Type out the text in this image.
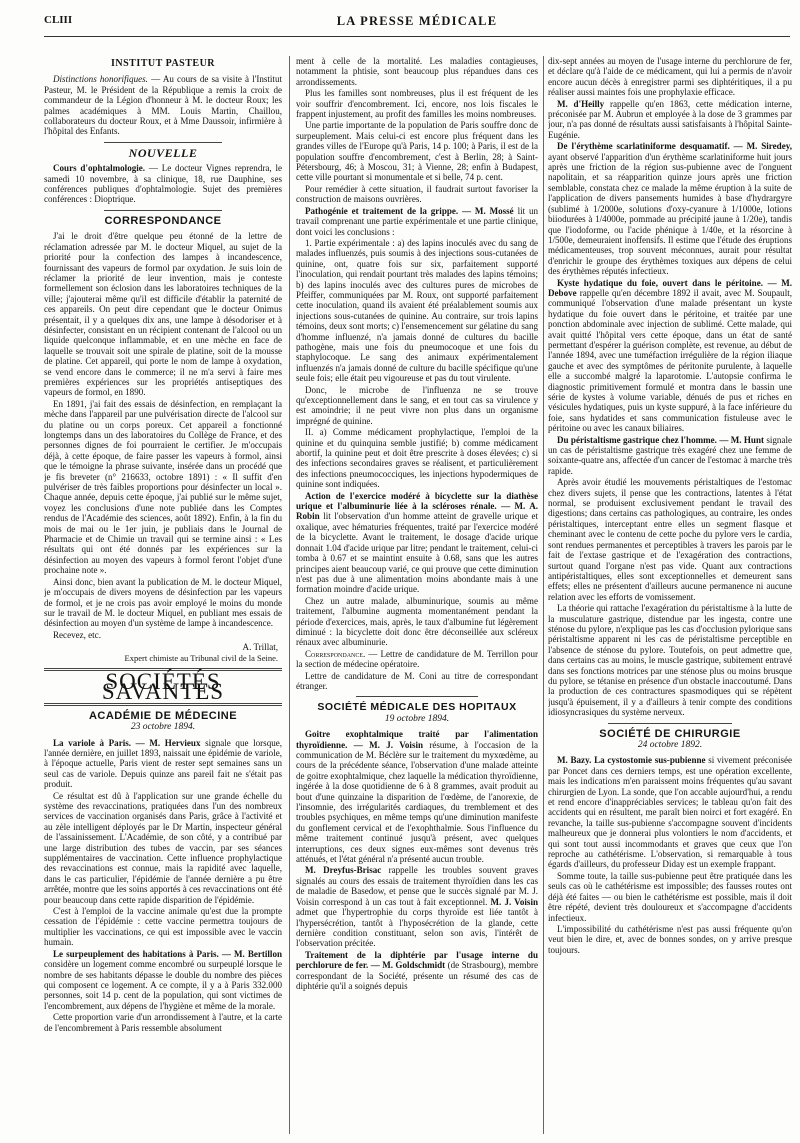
CLIII	LA PRESSE MÉDICALE
INSTITUT PASTEUR

Distinctions honorifiques. — Au cours de sa visite à l'Institut Pasteur, M. le Président de la République a remis la croix de commandeur de la Légion d'honneur à M. le docteur Roux; les palmes académiques à MM. Louis Martin, Chaillou, collaborateurs du docteur Roux, et à Mme Daussoir, infirmière à l'hôpital des Enfants.

NOUVELLE

Cours d'ophtalmologie. — Le docteur Vignes reprendra, le samedi 10 novembre, à sa clinique, 18, rue Dauphine, ses conférences publiques d'ophtalmologie. Sujet des premières conférences : Dioptrique.

CORRESPONDANCE

J'ai le droit d'être quelque peu étonné de la lettre de réclamation adressée par M. le docteur Miquel, au sujet de la priorité pour la confection des lampes à incandescence, fournissant des vapeurs de formol par oxydation. Je suis loin de réclamer la priorité de leur invention, mais je conteste formellement son éclosion dans les laboratoires techniques de la ville; j'ajouterai même qu'il est difficile d'établir la paternité de ces appareils. On peut dire cependant que le docteur Onimus présentait, il y a quelques dix ans, une lampe à désodoriser et à désinfecter, consistant en un récipient contenant de l'alcool ou un liquide quelconque inflammable, et en une mèche en face de laquelle se trouvait soit une spirale de platine, soit de la mousse de platine. Cet appareil, qui porte le nom de lampe à oxydation, se vend encore dans le commerce; il ne m'a servi à faire mes premières expériences sur les propriétés antiseptiques des vapeurs de formol, en 1890.

En 1891, j'ai fait des essais de désinfection, en remplaçant la mèche dans l'appareil par une pulvérisation directe de l'alcool sur du platine ou un corps poreux. Cet appareil a fonctionné longtemps dans un des laboratoires du Collège de France, et des personnes dignes de foi pourraient le certifier. Je m'occupais déjà, à cette époque, de faire passer les vapeurs à formol, ainsi que le témoigne la phrase suivante, insérée dans un procédé que je fis breveter (n° 216633, octobre 1891) : « Il suffit d'en pulvériser de très faibles proportions pour désinfecter un local ». Chaque année, depuis cette époque, j'ai publié sur le même sujet, voyez les conclusions d'une note publiée dans les Comptes rendus de l'Académie des sciences, août 1892). Enfin, à la fin du mois de mai ou le 1er juin, je publiais dans le Journal de Pharmacie et de Chimie un travail qui se termine ainsi : « Les résultats qui ont été donnés par les expériences sur la désinfection au moyen des vapeurs à formol feront l'objet d'une prochaine note ».

Ainsi donc, bien avant la publication de M. le docteur Miquel, je m'occupais de divers moyens de désinfection par les vapeurs de formol, et je ne crois pas avoir employé le moins du monde sur le travail de M. le docteur Miquel, en publiant mes essais de désinfection au moyen d'un système de lampe à incandescence.

Recevez, etc.

A. Trillat,
Expert chimiste au Tribunal civil de la Seine.
SOCIÉTÉS SAVANTES
ACADÉMIE DE MÉDECINE
23 octobre 1894.

La variole à Paris. — M. Hervieux signale que lorsque, l'année dernière, en juillet 1893, naissait une épidémie de variole, à l'époque actuelle, Paris vient de rester sept semaines sans un seul cas de variole. Depuis quinze ans pareil fait ne s'était pas produit.

Ce résultat est dû à l'application sur une grande échelle du système des revaccinations, pratiquées dans l'un des nombreux services de vaccination organisés dans Paris, grâce à l'activité et au zèle intelligent déployés par le Dr Martin, inspecteur général de l'assainissement. L'Académie, de son côté, y a contribué par une large distribution des tubes de vaccin, par ses séances supplémentaires de vaccination. Cette influence prophylactique des revaccinations est connue, mais la rapidité avec laquelle, dans le cas particulier, l'épidémie de l'année dernière a pu être arrêtée, montre que les soins apportés à ces revaccinations ont été pour beaucoup dans cette rapide disparition de l'épidémie.

C'est à l'emploi de la vaccine animale qu'est due la prompte cessation de l'épidémie : cette vaccine permettra toujours de multiplier les vaccinations, ce qui est impossible avec le vaccin humain.

Le surpeuplement des habitations à Paris. — M. Bertillon considère un logement comme encombré ou surpeuplé lorsque le nombre de ses habitants dépasse le double du nombre des pièces qui composent ce logement. A ce compte, il y a à Paris 332.000 personnes, soit 14 p. cent de la population, qui sont victimes de l'encombrement, aux dépens de l'hygiène et même de la morale.

Cette proportion varie d'un arrondissement à l'autre, et la carte de l'encombrement à Paris ressemble absolument

ment à celle de la mortalité. Les maladies contagieuses, notamment la phtisie, sont beaucoup plus répandues dans ces arrondissements.

Plus les familles sont nombreuses, plus il est fréquent de les voir souffrir d'encombrement. Ici, encore, nos lois fiscales le frappent injustement, au profit des familles les moins nombreuses.

Une partie importante de la population de Paris souffre donc de surpeuplement. Mais celui-ci est encore plus fréquent dans les grandes villes de l'Europe qu'à Paris, 14 p. 100; à Paris, il est de la population souffre d'encombrement, c'est à Berlin, 28; à Saint-Pétersbourg, 46; à Moscou, 31; à Vienne, 28; enfin à Budapest, cette ville pourtant si monumentale et si belle, 74 p. cent.

Pour remédier à cette situation, il faudrait surtout favoriser la construction de maisons ouvrières.

Pathogénie et traitement de la grippe. — M. Mossé lit un travail comprenant une partie expérimentale et une partie clinique, dont voici les conclusions :

1. Partie expérimentale : a) des lapins inoculés avec du sang de malades influenzés, puis soumis à des injections sous-cutanées de quinine, ont, quatre fois sur six, parfaitement supporté l'inoculation, qui rendait pourtant très malades des lapins témoins; b) des lapins inoculés avec des cultures pures de microbes de Pfeiffer, communiquées par M. Roux, ont supporté parfaitement cette inoculation, quand ils avaient été préalablement soumis aux injections sous-cutanées de quinine. Au contraire, sur trois lapins témoins, deux sont morts; c) l'ensemencement sur gélatine du sang d'homme influenzé, n'a jamais donné de cultures du bacille pathogène, mais une fois du pneumocoque et une fois du staphylocoque. Le sang des animaux expérimentalement influenzés n'a jamais donné de culture du bacille spécifique qu'une seule fois; elle était peu vigoureuse et pas du tout virulente.

Donc, le microbe de l'influenza ne se trouve qu'exceptionnellement dans le sang, et en tout cas sa virulence y est amoindrie; il ne peut vivre non plus dans un organisme imprégné de quinine.

II. a) Comme médicament prophylactique, l'emploi de la quinine et du quinquina semble justifié; b) comme médicament abortif, la quinine peut et doit être prescrite à doses élevées; c) si des infections secondaires graves se réalisent, et particulièrement des infections pneumococciques, les injections hypodermiques de quinine sont indiquées.

Action de l'exercice modéré à bicyclette sur la diathèse urique et l'albuminurie liée à la scléroses rénale. — M. A. Robin lit l'observation d'un homme atteint de gravelle urique et oxalique, avec hématuries fréquentes, traité par l'exercice modéré de la bicyclette. Avant le traitement, le dosage d'acide urique donnait 1.04 d'acide urique par litre; pendant le traitement, celui-ci tomba à 0.67 et se maintint ensuite à 0.68, sans que les autres principes aient beaucoup varié, ce qui prouve que cette diminution n'est pas due à une alimentation moins abondante mais à une formation moindre d'acide urique.

Chez un autre malade, albuminurique, soumis au même traitement, l'albumine augmenta momentanément pendant la période d'exercices, mais, après, le taux d'albumine fut légèrement diminué : la bicyclette doit donc être déconseillée aux scléreux rénaux avec albuminurie.

Correspondance. — Lettre de candidature de M. Terrillon pour la section de médecine opératoire.

Lettre de candidature de M. Coni au titre de correspondant étranger.

SOCIÉTÉ MÉDICALE DES HOPITAUX
19 octobre 1894.

Goitre exophtalmique traité par l'alimentation thyroïdienne. — M. J. Voisin résume, à l'occasion de la communication de M. Béclère sur le traitement du myxœdème, au cours de la précédente séance, l'observation d'une malade atteinte de goitre exophtalmique, chez laquelle la médication thyroïdienne, ingérée à la dose quotidienne de 6 à 8 grammes, avait produit au bout d'une quinzaine la disparition de l'œdème, de l'anorexie, de l'insomnie, des irrégularités cardiaques, du tremblement et des troubles psychiques, en même temps qu'une diminution manifeste du gonflement cervical et de l'exophthalmie. Sous l'influence du même traitement continué jusqu'à présent, avec quelques interruptions, ces deux signes eux-mêmes sont devenus très atténués, et l'état général n'a présenté aucun trouble.

M. Dreyfus-Brisac rappelle les troubles souvent graves signalés au cours des essais de traitement thyroïdien dans les cas de maladie de Basedow, et pense que le succès signalé par M. J. Voisin correspond à un cas tout à fait exceptionnel. M. J. Voisin admet que l'hypertrophie du corps thyroïde est liée tantôt à l'hypersécrétion, tantôt à l'hyposécrétion de la glande, cette dernière condition constituant, selon son avis, l'intérêt de l'observation précitée.

Traitement de la diphtérie par l'usage interne du perchlorure de fer. — M. Goldschmidt (de Strasbourg), membre correspondant de la Société, présente un résumé des cas de diphtérie qu'il a soignés depuis

dix-sept années au moyen de l'usage interne du perchlorure de fer, et déclare qu'à l'aide de ce médicament, qui lui a permis de n'avoir encore aucun décès à enregistrer parmi ses diphtéritiques, il a pu réaliser aussi maintes fois une prophylaxie efficace.

M. d'Heilly rappelle qu'en 1863, cette médication interne, préconisée par M. Aubrun et employée à la dose de 3 grammes par jour, n'a pas donné de résultats aussi satisfaisants à l'hôpital Sainte-Eugénie.

De l'érythème scarlatiniforme desquamatif. — M. Siredey, ayant observé l'apparition d'un érythème scarlatiniforme huit jours après une friction de la région sus-pubienne avec de l'onguent napolitain, et sa réapparition quinze jours après une friction semblable, constata chez ce malade la même éruption à la suite de l'application de divers pansements humides à base d'hydrargyre (sublimé à 1/2000e, solutions d'oxy-cyanure à 1/1000e, lotions biiodurées à 1/4000e, pommade au précipité jaune à 1/20e), tandis que l'iodoforme, ou l'acide phénique à 1/40e, et la résorcine à 1/500e, demeuraient inoffensifs. Il estime que l'étude des éruptions médicamenteuses, trop souvent méconnues, aurait pour résultat d'enrichir le groupe des érythèmes toxiques aux dépens de celui des érythèmes réputés infectieux.

Kyste hydatique du foie, ouvert dans le péritoine. — M. Debove rappelle qu'en décembre 1892 il avait, avec M. Soupault, communiqué l'observation d'une malade présentant un kyste hydatique du foie ouvert dans le péritoine, et traitée par une ponction abdominale avec injection de sublimé. Cette malade, qui avait quitté l'hôpital vers cette époque, dans un état de santé permettant d'espérer la guérison complète, est revenue, au début de l'année 1894, avec une tuméfaction irrégulière de la région iliaque gauche et avec des symptômes de péritonite purulente, à laquelle elle a succombé malgré la laparotomie. L'autopsie confirma le diagnostic primitivement formulé et montra dans le bassin une série de kystes à volume variable, dénués de pus et riches en vésicules hydatiques, puis un kyste suppuré, à la face inférieure du foie, sans hydatides et sans communication fistuleuse avec le péritoine ou avec les canaux biliaires.

Du péristaltisme gastrique chez l'homme. — M. Hunt signale un cas de péristaltisme gastrique très exagéré chez une femme de soixante-quatre ans, affectée d'un cancer de l'estomac à marche très rapide.

Après avoir étudié les mouvements péristaltiques de l'estomac chez divers sujets, il pense que les contractions, latentes à l'état normal, se produisent exclusivement pendant le travail des digestions; dans certains cas pathologiques, au contraire, les ondes péristaltiques, interceptant entre elles un segment flasque et cheminant avec le contenu de cette poche du pylore vers le cardia, sont rendues permanentes et perceptibles à travers les parois par le fait de l'extase gastrique et de l'exagération des contractions, surtout quand l'organe n'est pas vide. Quant aux contractions antipéristaltiques, elles sont exceptionnelles et demeurent sans effets; elles ne présentent d'ailleurs aucune permanence ni aucune relation avec les efforts de vomissement.

La théorie qui rattache l'exagération du péristaltisme à la lutte de la musculature gastrique, distendue par les ingesta, contre une sténose du pylore, n'explique pas les cas d'occlusion pylorique sans péristaltisme apparent ni les cas de péristaltisme perceptible en l'absence de sténose du pylore. Toutefois, on peut admettre que, dans certains cas au moins, le muscle gastrique, subitement entravé dans ses fonctions motrices par une sténose plus ou moins brusque du pylore, se tétanise en présence d'un obstacle inaccoutumé. Dans la production de ces contractures spasmodiques qui se répètent jusqu'à épuisement, il y a d'ailleurs à tenir compte des conditions idiosyncrasiques du système nerveux.

SOCIÉTÉ DE CHIRURGIE
24 octobre 1892.

M. Bazy. La cystostomie sus-pubienne si vivement préconisée par Poncet dans ces derniers temps, est une opération excellente, mais les indications m'en paraissent moins fréquentes qu'au savant chirurgien de Lyon. La sonde, que l'on accable aujourd'hui, a rendu et rend encore d'inappréciables services; le tableau qu'on fait des accidents qui en résultent, me paraît bien noirci et fort exagéré. En revanche, la taille sus-pubienne s'accompagne souvent d'incidents malheureux que je donnerai plus volontiers le nom d'accidents, et qui sont tout aussi incommodants et graves que ceux que l'on reproche au cathétérisme. L'observation, si remarquable à tous égards d'ailleurs, du professeur Diday est un exemple frappant.

Somme toute, la taille sus-pubienne peut être pratiquée dans les seuls cas où le cathétérisme est impossible; des fausses routes ont déjà été faites — ou bien le cathétérisme est possible, mais il doit être répété, devient très douloureux et s'accompagne d'accidents infectieux.

L'impossibilité du cathétérisme n'est pas aussi fréquente qu'on veut bien le dire, et, avec de bonnes sondes, on y arrive presque toujours.
